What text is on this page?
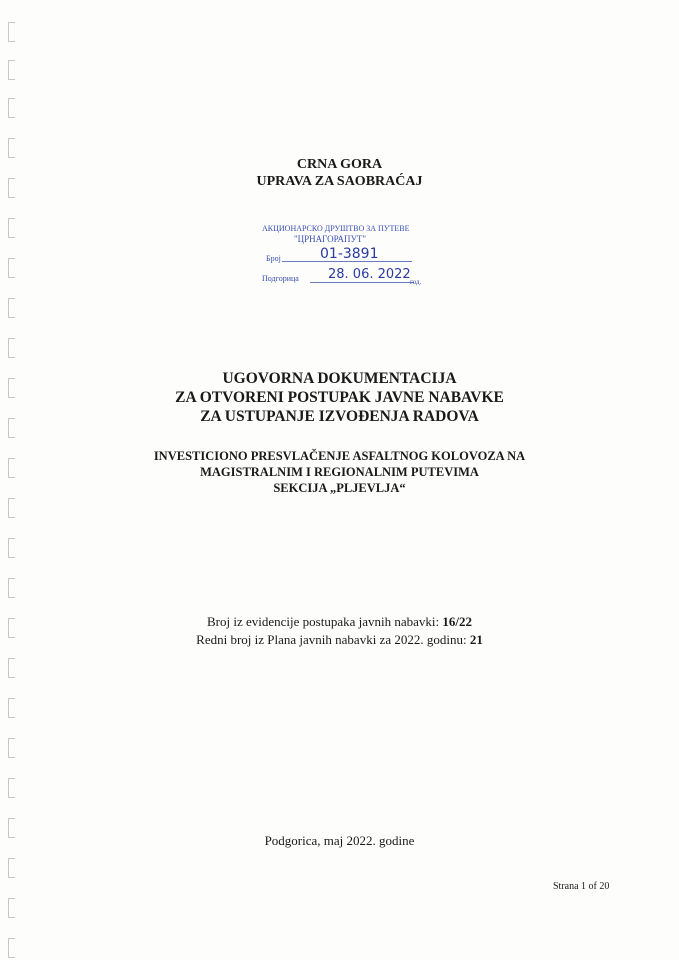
CRNA GORA
UPRAVA ZA SAOBRAĆAJ
АКЦИОНАРСКО ДРУШТВО ЗА ПУТЕВЕ
"ЦРНАГОРАПУТ"
Број	01-3891
Подгорица 28. 06. 2022 год.
UGOVORNA DOKUMENTACIJA
ZA OTVORENI POSTUPAK JAVNE NABAVKE
ZA USTUPANJE IZVOĐENJA RADOVA
INVESTICIONO PRESVLAČENJE ASFALTNOG KOLOVOZA NA
MAGISTRALNIM I REGIONALNIM PUTEVIMA
SEKCIJA „PLJEVLJA“
Broj iz evidencije postupaka javnih nabavki: 16/22
Redni broj iz Plana javnih nabavki za 2022. godinu: 21
Podgorica, maj 2022. godine
Strana 1 of 20
